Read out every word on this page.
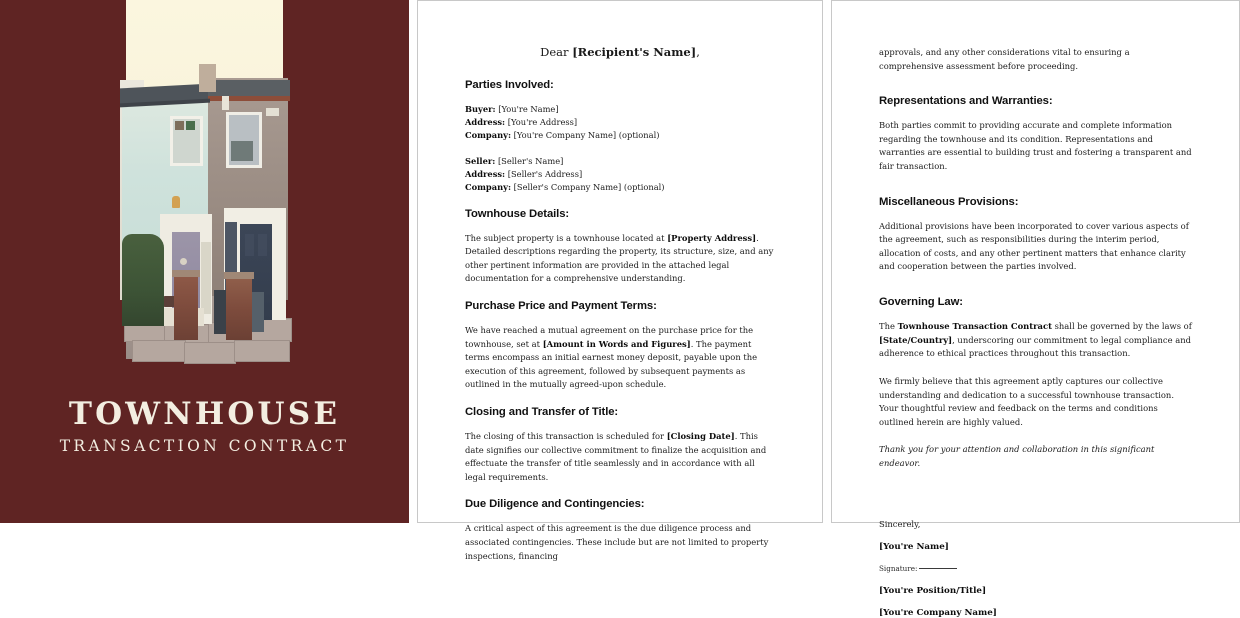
TOWNHOUSE
TRANSACTION CONTRACT

Dear [Recipient's Name],

Parties Involved:
Buyer: [You're Name]
Address: [You're Address]
Company: [You're Company Name] (optional)
Seller: [Seller's Name]
Address: [Seller's Address]
Company: [Seller's Company Name] (optional)
Townhouse Details:

The subject property is a townhouse located at [Property Address]. Detailed descriptions regarding the property, its structure, size, and any other pertinent information are provided in the attached legal documentation for a comprehensive understanding.

Purchase Price and Payment Terms:

We have reached a mutual agreement on the purchase price for the townhouse, set at [Amount in Words and Figures]. The payment terms encompass an initial earnest money deposit, payable upon the execution of this agreement, followed by subsequent payments as outlined in the mutually agreed-upon schedule.

Closing and Transfer of Title:

The closing of this transaction is scheduled for [Closing Date]. This date signifies our collective commitment to finalize the acquisition and effectuate the transfer of title seamlessly and in accordance with all legal requirements.

Due Diligence and Contingencies:

A critical aspect of this agreement is the due diligence process and associated contingencies. These include but are not limited to property inspections, financing

approvals, and any other considerations vital to ensuring a comprehensive assessment before proceeding.

Representations and Warranties:

Both parties commit to providing accurate and complete information regarding the townhouse and its condition. Representations and warranties are essential to building trust and fostering a transparent and fair transaction.

Miscellaneous Provisions:

Additional provisions have been incorporated to cover various aspects of the agreement, such as responsibilities during the interim period, allocation of costs, and any other pertinent matters that enhance clarity and cooperation between the parties involved.

Governing Law:

The Townhouse Transaction Contract shall be governed by the laws of [State/Country], underscoring our commitment to legal compliance and adherence to ethical practices throughout this transaction.

We firmly believe that this agreement aptly captures our collective understanding and dedication to a successful townhouse transaction. Your thoughtful review and feedback on the terms and conditions outlined herein are highly valued.

Thank you for your attention and collaboration in this significant endeavor.

Sincerely,

[You're Name]

Signature:

[You're Position/Title]

[You're Company Name]
